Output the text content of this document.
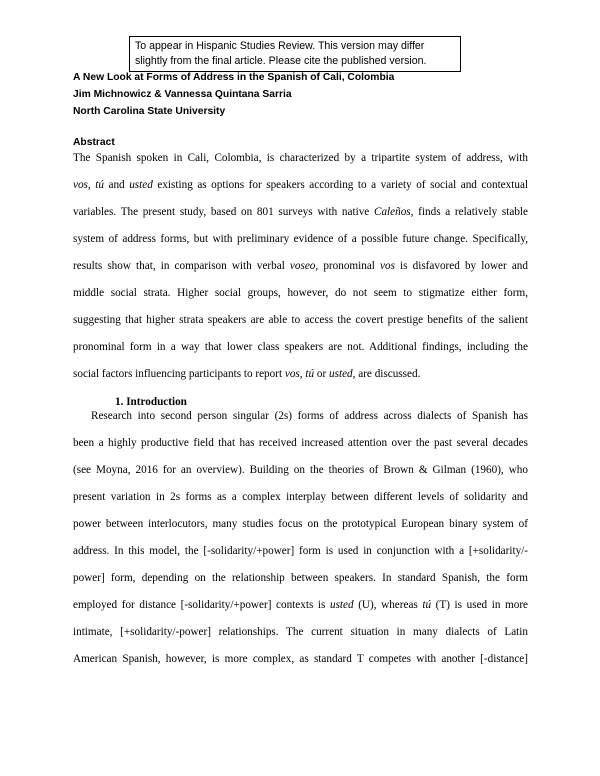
To appear in Hispanic Studies Review. This version may differ
slightly from the final article. Please cite the published version.
A New Look at Forms of Address in the Spanish of Cali, Colombia
Jim Michnowicz & Vannessa Quintana Sarria
North Carolina State University
Abstract
The Spanish spoken in Cali, Colombia, is characterized by a tripartite system of address, with
vos, tú and usted existing as options for speakers according to a variety of social and contextual
variables. The present study, based on 801 surveys with native Caleños, finds a relatively stable
system of address forms, but with preliminary evidence of a possible future change. Specifically,
results show that, in comparison with verbal voseo, pronominal vos is disfavored by lower and
middle social strata. Higher social groups, however, do not seem to stigmatize either form,
suggesting that higher strata speakers are able to access the covert prestige benefits of the salient
pronominal form in a way that lower class speakers are not. Additional findings, including the
social factors influencing participants to report vos, tú or usted, are discussed.
1. Introduction
Research into second person singular (2s) forms of address across dialects of Spanish has
been a highly productive field that has received increased attention over the past several decades
(see Moyna, 2016 for an overview). Building on the theories of Brown & Gilman (1960), who
present variation in 2s forms as a complex interplay between different levels of solidarity and
power between interlocutors, many studies focus on the prototypical European binary system of
address. In this model, the [-solidarity/+power] form is used in conjunction with a [+solidarity/-
power] form, depending on the relationship between speakers. In standard Spanish, the form
employed for distance [-solidarity/+power] contexts is usted (U), whereas tú (T) is used in more
intimate, [+solidarity/-power] relationships. The current situation in many dialects of Latin
American Spanish, however, is more complex, as standard T competes with another [-distance]
